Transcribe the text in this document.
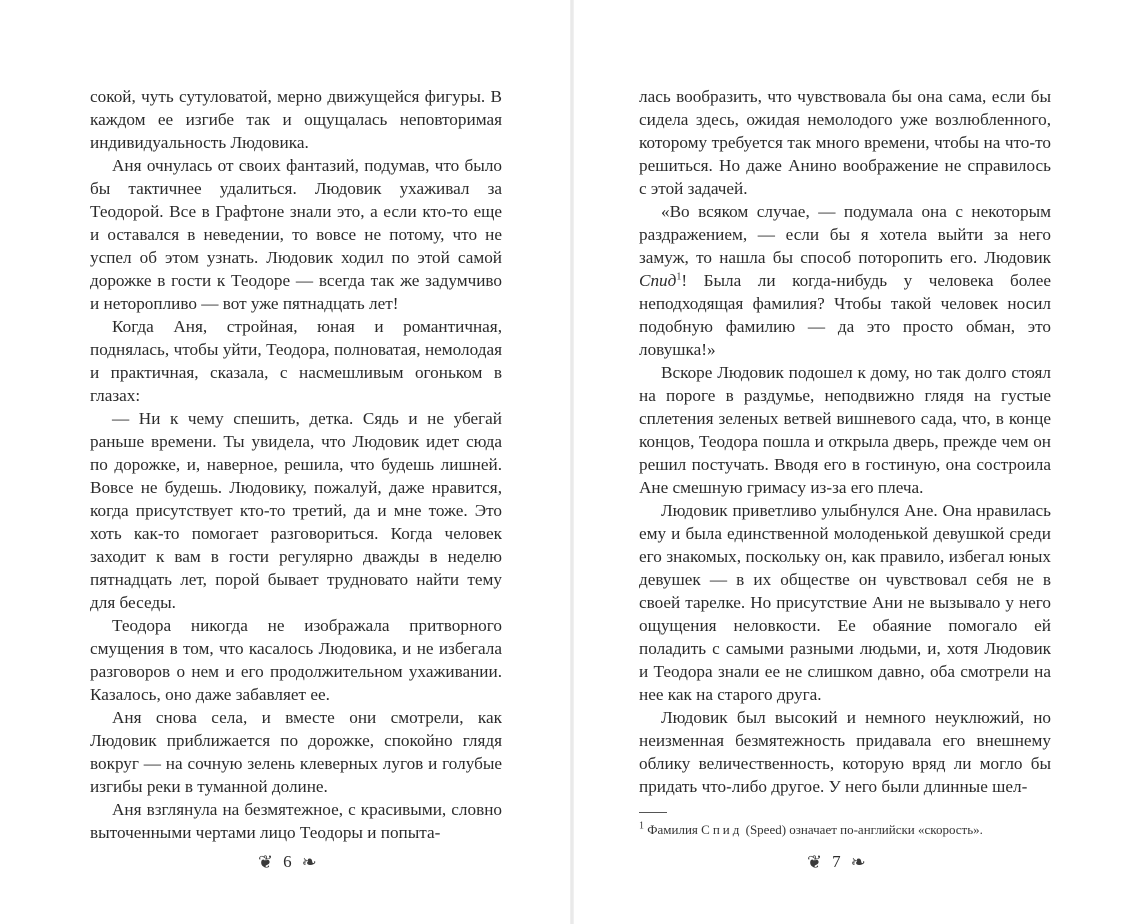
сокой, чуть сутуловатой, мерно движущейся фигуры. В каждом ее изгибе так и ощущалась неповторимая индивидуальность Людовика.

Аня очнулась от своих фантазий, подумав, что было бы тактичнее удалиться. Людовик ухаживал за Теодорой. Все в Графтоне знали это, а если кто-то еще и оставался в неведении, то вовсе не потому, что не успел об этом узнать. Людовик ходил по этой самой дорожке в гости к Теодоре — всегда так же задумчиво и неторопливо — вот уже пятнадцать лет!

Когда Аня, стройная, юная и романтичная, поднялась, чтобы уйти, Теодора, полноватая, немолодая и практичная, сказала, с насмешливым огоньком в глазах:

— Ни к чему спешить, детка. Сядь и не убегай раньше времени. Ты увидела, что Людовик идет сюда по дорожке, и, наверное, решила, что будешь лишней. Вовсе не будешь. Людовику, пожалуй, даже нравится, когда присутствует кто-то третий, да и мне тоже. Это хоть как-то помогает разговориться. Когда человек заходит к вам в гости регулярно дважды в неделю пятнадцать лет, порой бывает трудновато найти тему для беседы.

Теодора никогда не изображала притворного смущения в том, что касалось Людовика, и не избегала разговоров о нем и его продолжительном ухаживании. Казалось, оно даже забавляет ее.

Аня снова села, и вместе они смотрели, как Людовик приближается по дорожке, спокойно глядя вокруг — на сочную зелень клеверных лугов и голубые изгибы реки в туманной долине.

Аня взглянула на безмятежное, с красивыми, словно выточенными чертами лицо Теодоры и попыта-

лась вообразить, что чувствовала бы она сама, если бы сидела здесь, ожидая немолодого уже возлюбленного, которому требуется так много времени, чтобы на что-то решиться. Но даже Анино воображение не справилось с этой задачей.

«Во всяком случае, — подумала она с некоторым раздражением, — если бы я хотела выйти за него замуж, то нашла бы способ поторопить его. Людовик Спид$^1$! Была ли когда-нибудь у человека более неподходящая фамилия? Чтобы такой человек носил подобную фамилию — да это просто обман, это ловушка!»

Вскоре Людовик подошел к дому, но так долго стоял на пороге в раздумье, неподвижно глядя на густые сплетения зеленых ветвей вишневого сада, что, в конце концов, Теодора пошла и открыла дверь, прежде чем он решил постучать. Вводя его в гостиную, она состроила Ане смешную гримасу из-за его плеча.

Людовик приветливо улыбнулся Ане. Она нравилась ему и была единственной молоденькой девушкой среди его знакомых, поскольку он, как правило, избегал юных девушек — в их обществе он чувствовал себя не в своей тарелке. Но присутствие Ани не вызывало у него ощущения неловкости. Ее обаяние помогало ей поладить с самыми разными людьми, и, хотя Людовик и Теодора знали ее не слишком давно, оба смотрели на нее как на старого друга.

Людовик был высокий и немного неуклюжий, но неизменная безмятежность придавала его внешнему облику величественность, которую вряд ли могло бы придать что-либо другое. У него были длинные шел-

$^1$ Фамилия Спид (Speed) означает по-английски «скорость».
❦ 6 ❧	❦ 7 ❧
